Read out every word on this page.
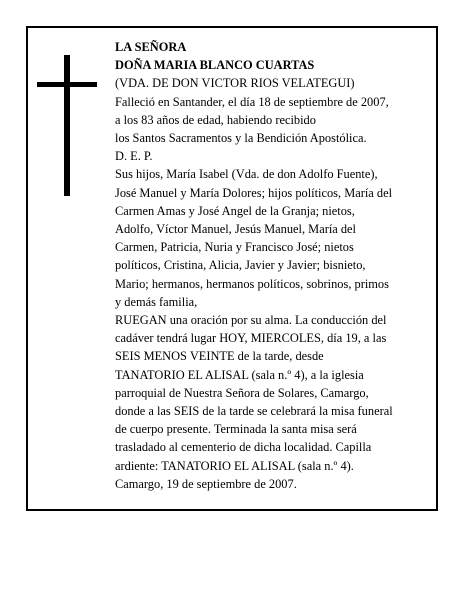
LA SEÑORA
DOÑA MARIA BLANCO CUARTAS
(VDA. DE DON VICTOR RIOS VELATEGUI)
Falleció en Santander, el día 18 de septiembre de 2007,
a los 83 años de edad, habiendo recibido
los Santos Sacramentos y la Bendición Apostólica.
D. E. P.
Sus hijos, María Isabel (Vda. de don Adolfo Fuente),
José Manuel y María Dolores; hijos políticos, María del
Carmen Amas y José Angel de la Granja; nietos,
Adolfo, Víctor Manuel, Jesús Manuel, María del
Carmen, Patricia, Nuria y Francisco José; nietos
políticos, Cristina, Alicia, Javier y Javier; bisnieto,
Mario; hermanos, hermanos políticos, sobrinos, primos
y demás familia,
RUEGAN una oración por su alma. La conducción del
cadáver tendrá lugar HOY, MIERCOLES, día 19, a las
SEIS MENOS VEINTE de la tarde, desde
TANATORIO EL ALISAL (sala n.º 4), a la iglesia
parroquial de Nuestra Señora de Solares, Camargo,
donde a las SEIS de la tarde se celebrará la misa funeral
de cuerpo presente. Terminada la santa misa será
trasladado al cementerio de dicha localidad. Capilla
ardiente: TANATORIO EL ALISAL (sala n.º 4).
Camargo, 19 de septiembre de 2007.
